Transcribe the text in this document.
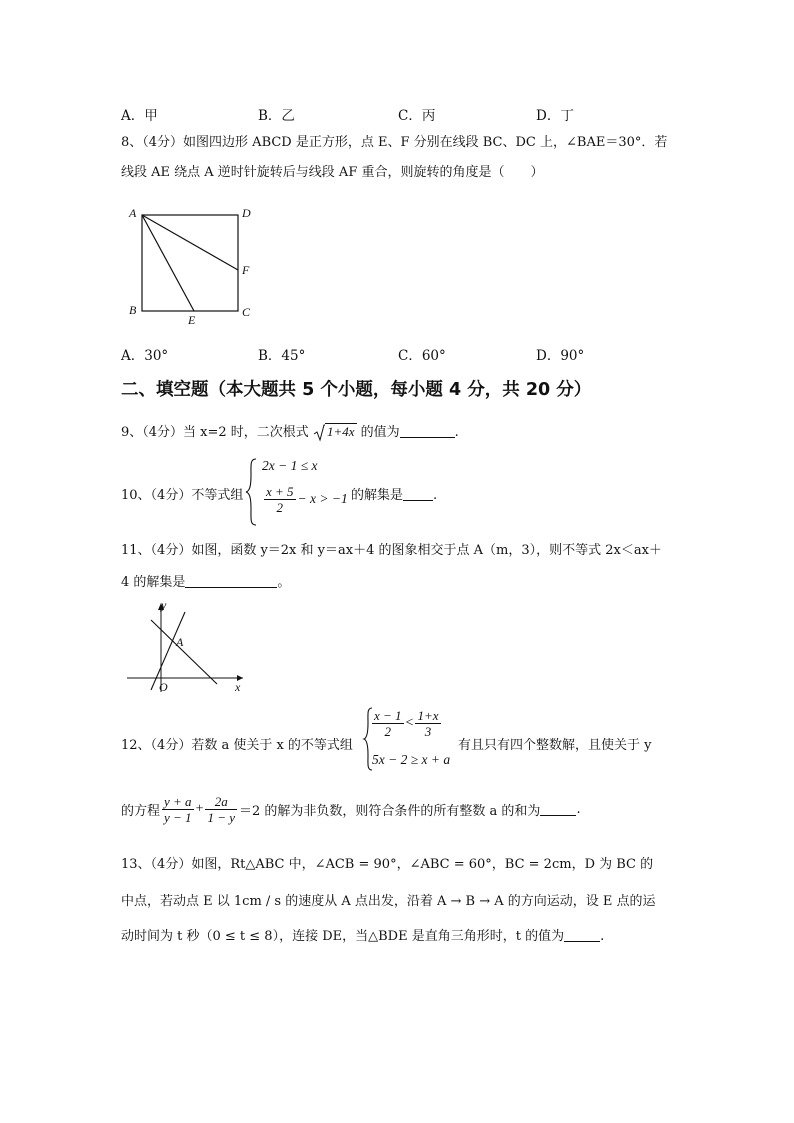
A．甲	B．乙	C．丙	D．丁
8、（4分）如图四边形 ABCD 是正方形，点 E、F 分别在线段 BC、DC 上，∠BAE＝30°．若
线段 AE 绕点 A 逆时针旋转后与线段 AF 重合，则旋转的角度是（　　）
A	D
F
B	C
E
A．30°	B．45°	C．60°	D．90°
二、填空题（本大题共 5 个小题，每小题 4 分，共 20 分）
9、（4分）当 x=2 时，二次根式 1+4x 的值为	.
10、（4分）不等式组
2x − 1 ≤ x
$\frac{x + 5}{2} - x > -1$ 的解集是 .
11、（4分）如图，函数 y＝2x 和 y＝ax＋4 的图象相交于点 A（m，3），则不等式 2x＜ax＋
4 的解集是	。
y
x
A
O
12、（4分）若数 a 使关于 x 的不等式组
$\frac{x - 1}{2} < \frac{1+x}{3}$
5x − 2 ≥ x + a
有且只有四个整数解，且使关于 y
的方程 $\frac{y + a}{y - 1} + \frac{2a}{1 - y} =2$ 的解为非负数，则符合条件的所有整数 a 的和为	.
13、（4分）如图，Rt△ABC 中，∠ACB = 90°，∠ABC = 60°，BC = 2cm，D 为 BC 的
中点，若动点 E 以 1cm / s 的速度从 A 点出发，沿着 A → B → A 的方向运动，设 E 点的运
动时间为 t 秒（0 ≤ t ≤ 8），连接 DE，当△BDE 是直角三角形时，t 的值为	.
